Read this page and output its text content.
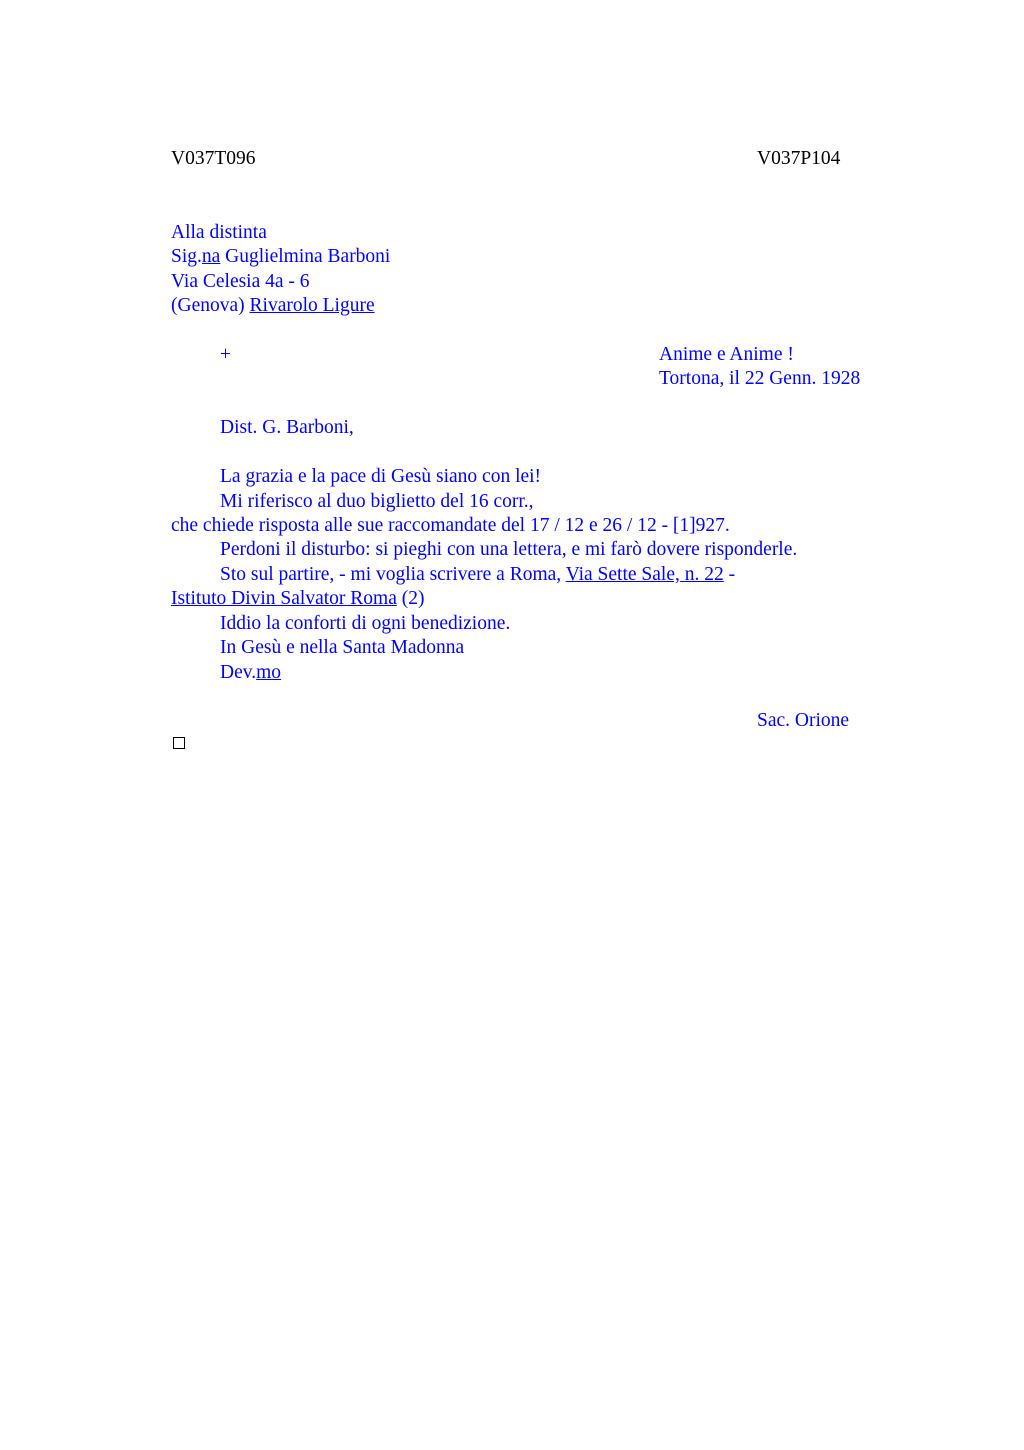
V037T096	V037P104
Alla distinta
Sig.na Guglielmina Barboni
Via Celesia 4a - 6
(Genova) Rivarolo Ligure
+	Anime e Anime !
Tortona, il 22 Genn. 1928
Dist. G. Barboni,
La grazia e la pace di Gesù siano con lei!
Mi riferisco al duo biglietto del 16 corr.,
che chiede risposta alle sue raccomandate del 17 / 12 e 26 / 12 - [1]927.
Perdoni il disturbo: si pieghi con una lettera, e mi farò dovere risponderle.
Sto sul partire, - mi voglia scrivere a Roma, Via Sette Sale, n. 22 -
Istituto Divin Salvator Roma (2)
Iddio la conforti di ogni benedizione.
In Gesù e nella Santa Madonna
Dev.mo
Sac. Orione
